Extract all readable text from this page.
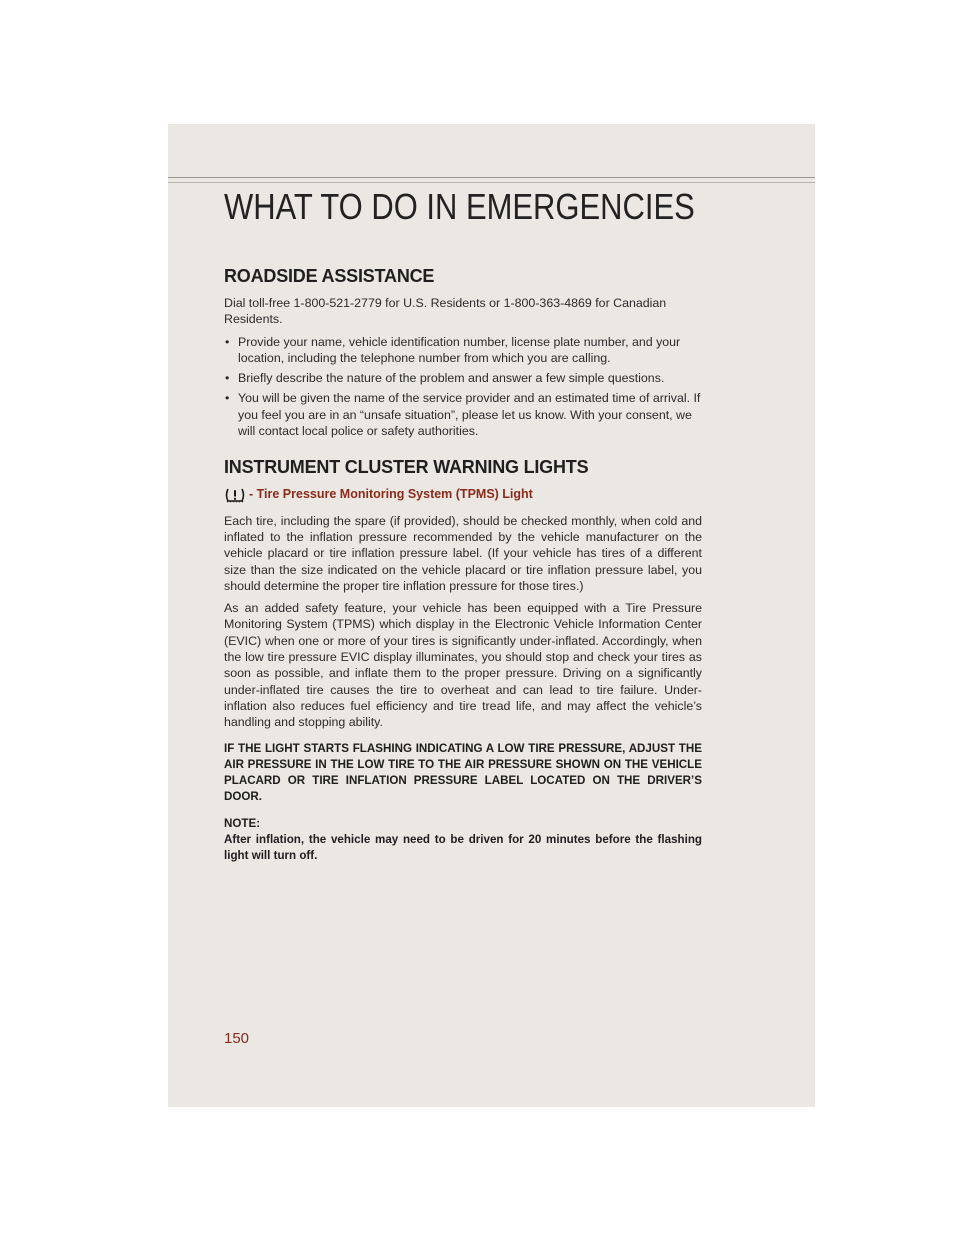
WHAT TO DO IN EMERGENCIES
ROADSIDE ASSISTANCE

Dial toll-free 1-800-521-2779 for U.S. Residents or 1-800-363-4869 for Canadian Residents.

• Provide your name, vehicle identification number, license plate number, and your location, including the telephone number from which you are calling.
• Briefly describe the nature of the problem and answer a few simple questions.
• You will be given the name of the service provider and an estimated time of arrival. If you feel you are in an “unsafe situation”, please let us know. With your consent, we will contact local police or safety authorities.
INSTRUMENT CLUSTER WARNING LIGHTS
- Tire Pressure Monitoring System (TPMS) Light

Each tire, including the spare (if provided), should be checked monthly, when cold and inflated to the inflation pressure recommended by the vehicle manufacturer on the vehicle placard or tire inflation pressure label. (If your vehicle has tires of a different size than the size indicated on the vehicle placard or tire inflation pressure label, you should determine the proper tire inflation pressure for those tires.)

As an added safety feature, your vehicle has been equipped with a Tire Pressure Monitoring System (TPMS) which display in the Electronic Vehicle Information Center (EVIC) when one or more of your tires is significantly under-inflated. Accordingly, when the low tire pressure EVIC display illuminates, you should stop and check your tires as soon as possible, and inflate them to the proper pressure. Driving on a significantly under-inflated tire causes the tire to overheat and can lead to tire failure. Under-inflation also reduces fuel efficiency and tire tread life, and may affect the vehicle’s handling and stopping ability.

IF THE LIGHT STARTS FLASHING INDICATING A LOW TIRE PRESSURE, ADJUST THE AIR PRESSURE IN THE LOW TIRE TO THE AIR PRESSURE SHOWN ON THE VEHICLE PLACARD OR TIRE INFLATION PRESSURE LABEL LOCATED ON THE DRIVER’S DOOR.

NOTE:

After inflation, the vehicle may need to be driven for 20 minutes before the flashing light will turn off.

150
